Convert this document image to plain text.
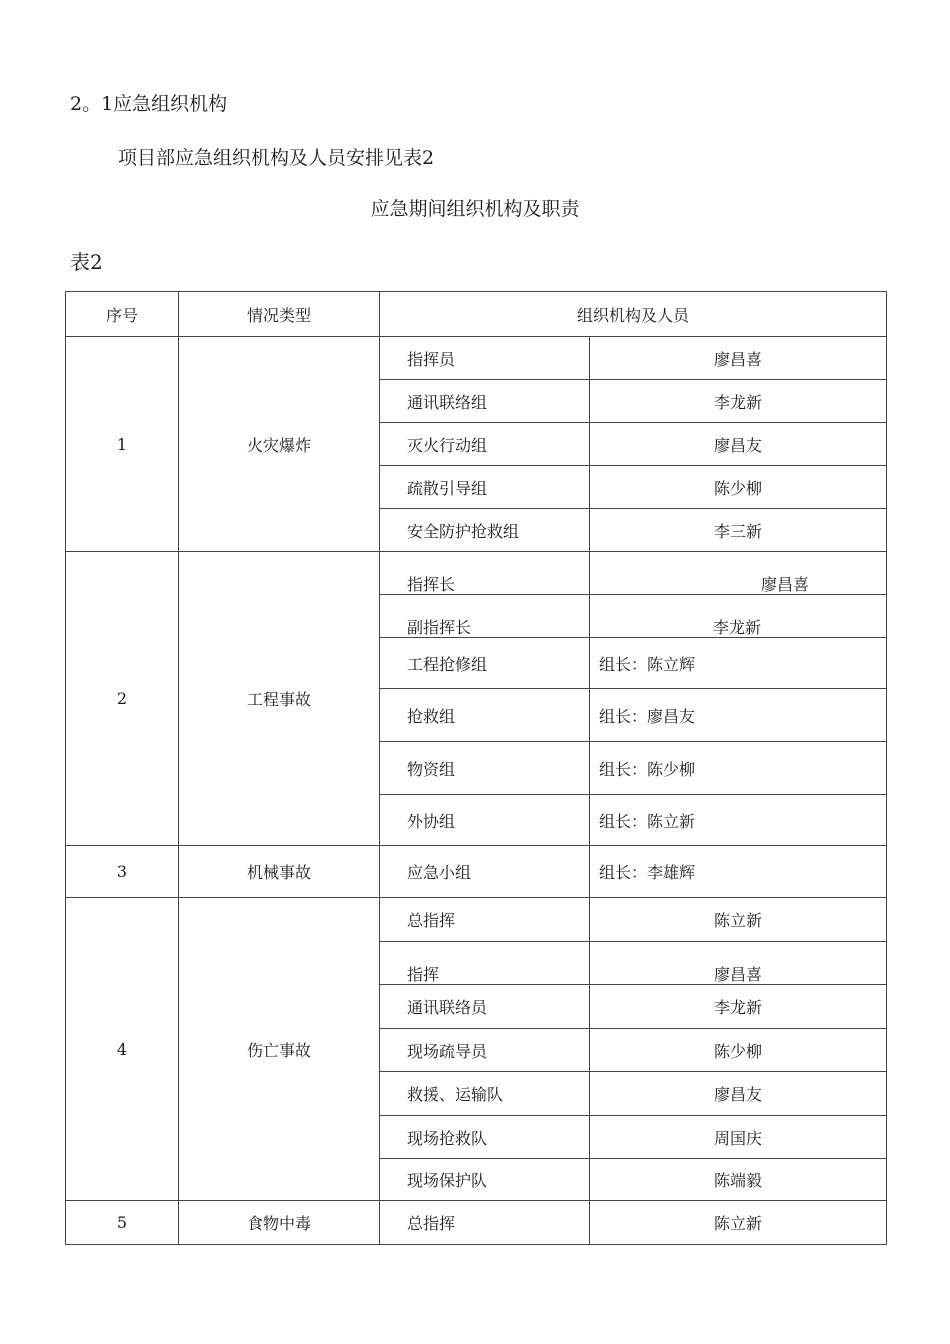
2。1应急组织机构
项目部应急组织机构及人员安排见表2
应急期间组织机构及职责
表2
序号	情况类型	组织机构及人员	
1	火灾爆炸	指挥员	廖昌喜
		通讯联络组	李龙新
		灭火行动组	廖昌友
		疏散引导组	陈少柳
		安全防护抢救组	李三新
2	工程事故	指挥长	廖昌喜
		副指挥长	李龙新
		工程抢修组	组长：陈立辉
		抢救组	组长：廖昌友
		物资组	组长：陈少柳
		外协组	组长：陈立新
3	机械事故	应急小组	组长：李雄辉
4	伤亡事故	总指挥	陈立新
		指挥	廖昌喜
		通讯联络员	李龙新
		现场疏导员	陈少柳
		救援、运输队	廖昌友
		现场抢救队	周国庆
		现场保护队	陈端毅
5	食物中毒	总指挥	陈立新
